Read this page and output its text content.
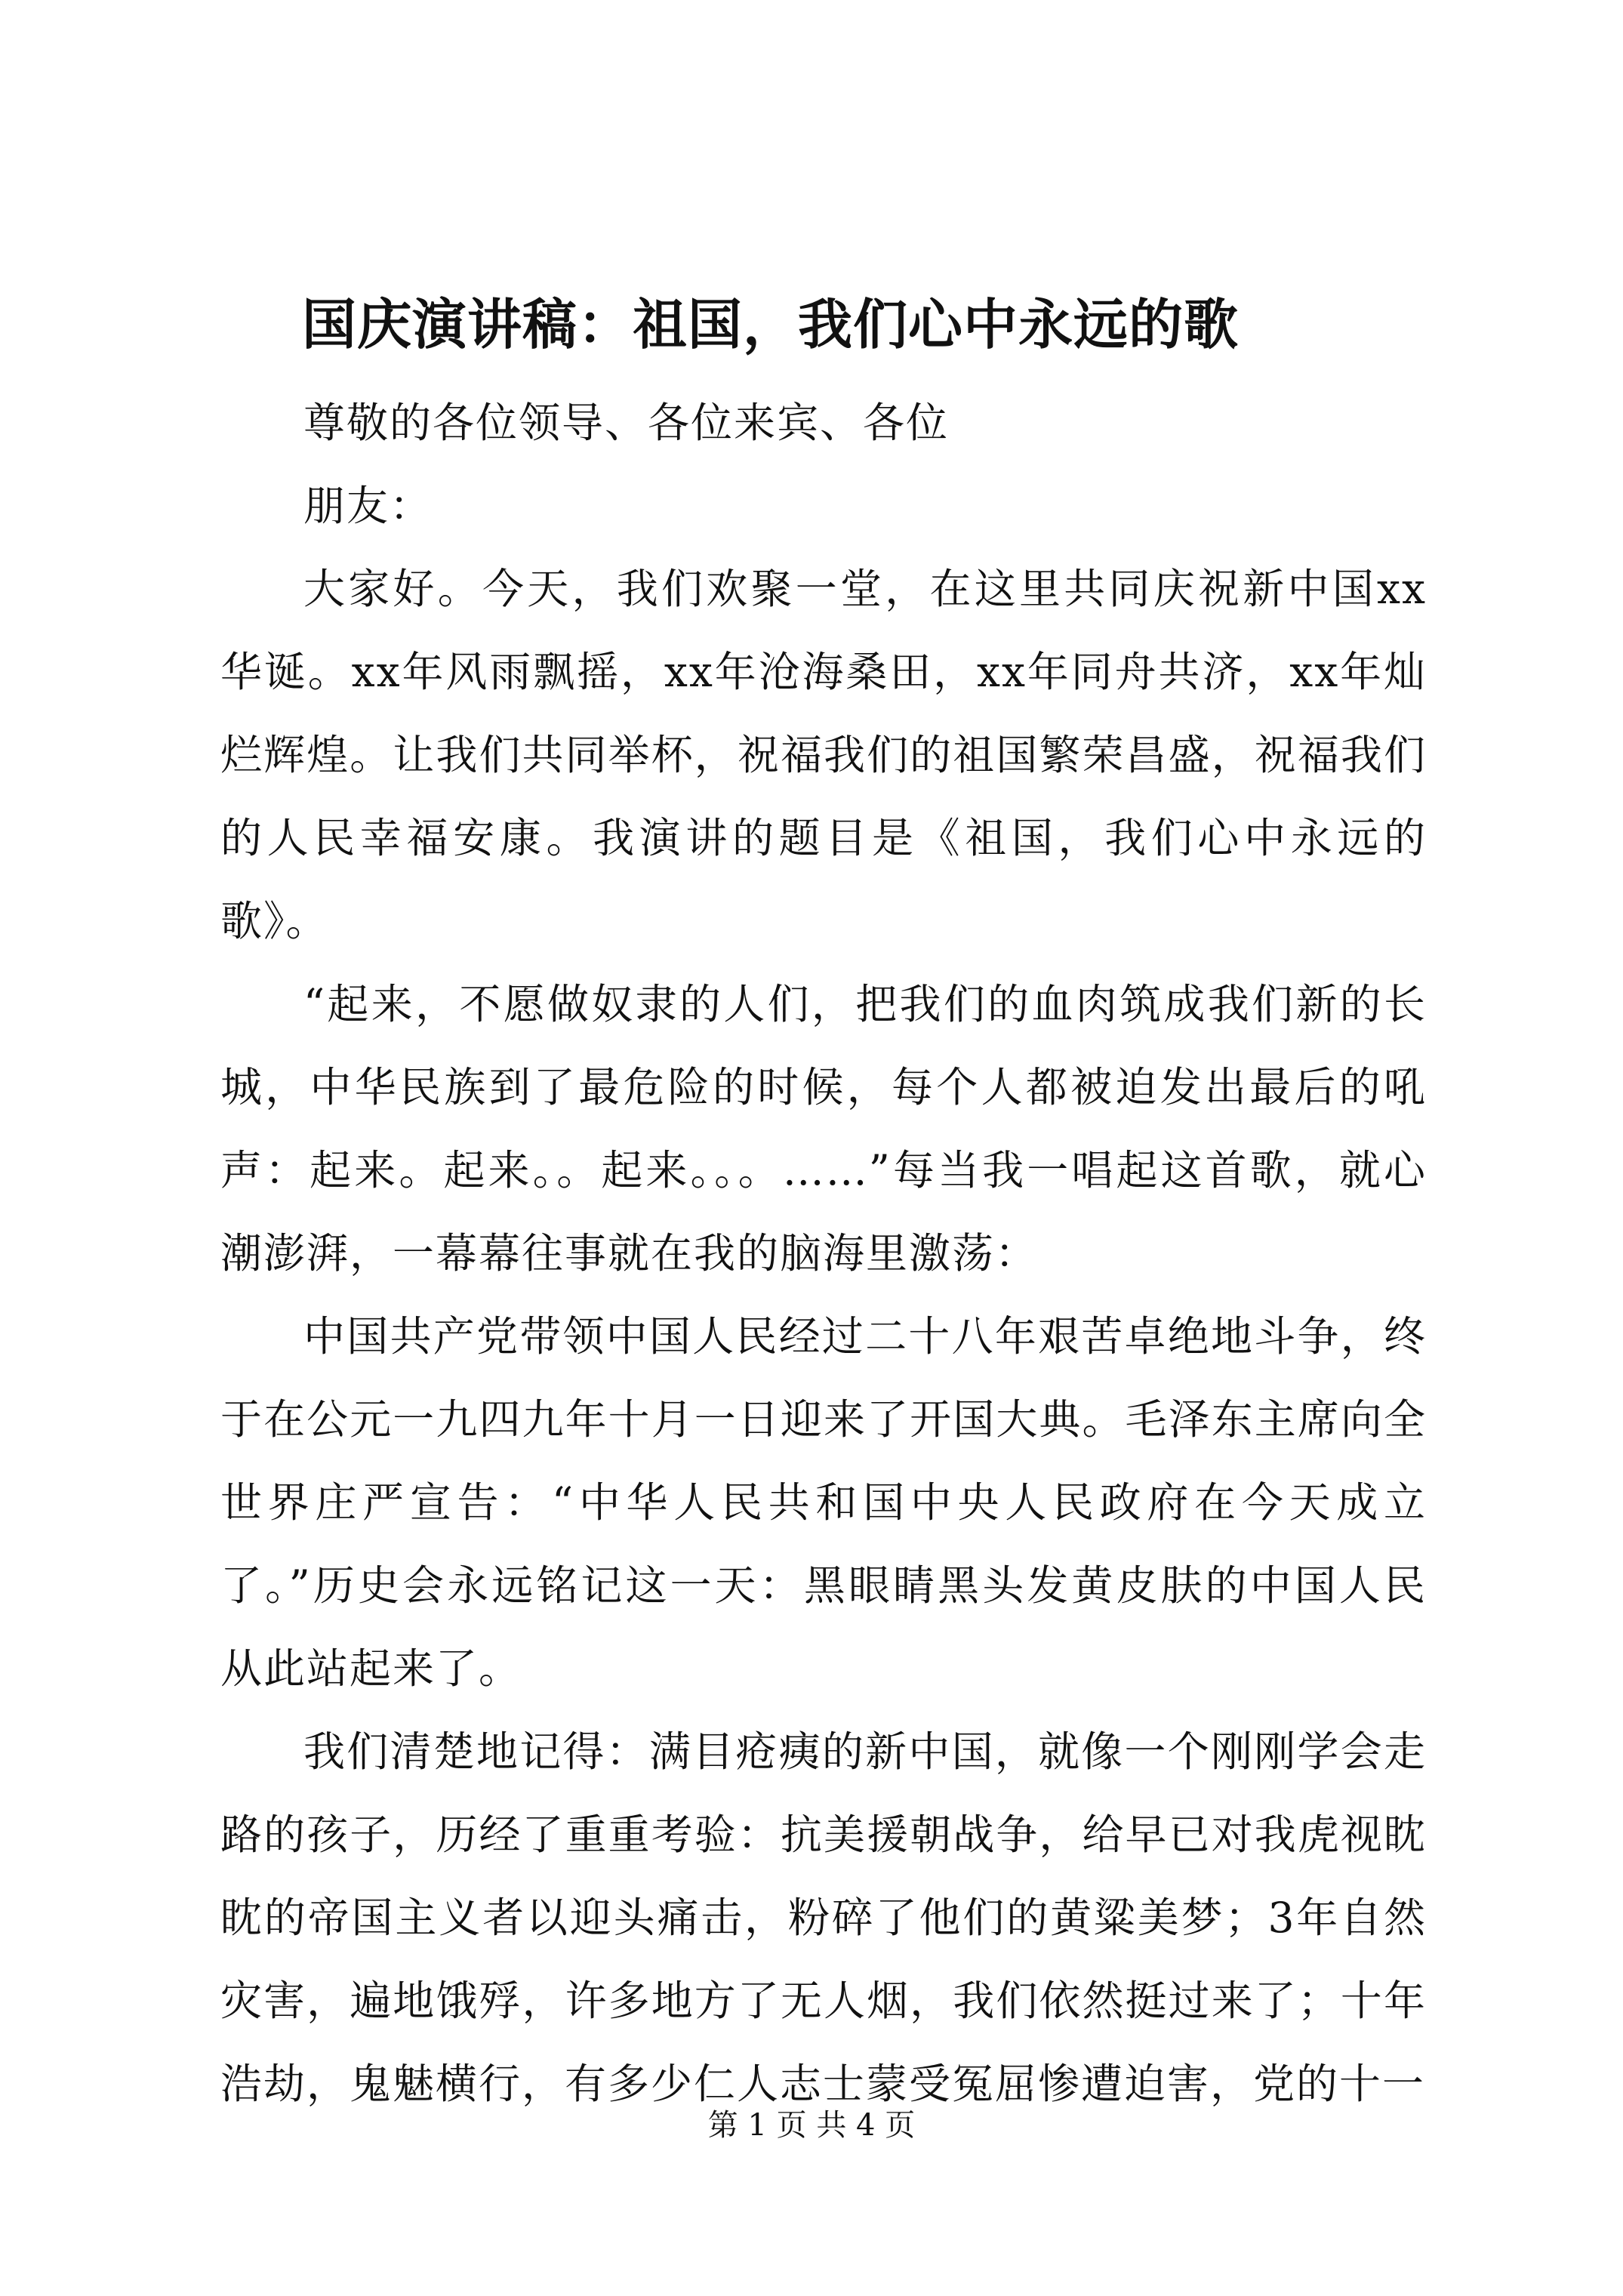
国庆演讲稿：祖国，我们心中永远的歌

尊敬的各位领导、各位来宾、各位

朋友：

大家好。今天，我们欢聚一堂，在这里共同庆祝新中国xx华诞。xx年风雨飘摇，xx年沧海桑田，xx年同舟共济，xx年灿烂辉煌。让我们共同举杯，祝福我们的祖国繁荣昌盛，祝福我们的人民幸福安康。我演讲的题目是《祖国，我们心中永远的歌》。

“起来，不愿做奴隶的人们，把我们的血肉筑成我们新的长城，中华民族到了最危险的时候，每个人都被迫发出最后的吼声：起来。起来。。起来。。。……”每当我一唱起这首歌，就心潮澎湃，一幕幕往事就在我的脑海里激荡：

中国共产党带领中国人民经过二十八年艰苦卓绝地斗争，终于在公元一九四九年十月一日迎来了开国大典。毛泽东主席向全世界庄严宣告：“中华人民共和国中央人民政府在今天成立了。”历史会永远铭记这一天：黑眼睛黑头发黄皮肤的中国人民从此站起来了。

我们清楚地记得：满目疮痍的新中国，就像一个刚刚学会走路的孩子，历经了重重考验：抗美援朝战争，给早已对我虎视眈眈的帝国主义者以迎头痛击，粉碎了他们的黄粱美梦；3年自然灾害，遍地饿殍，许多地方了无人烟，我们依然挺过来了；十年浩劫，鬼魅横行，有多少仁人志士蒙受冤屈惨遭迫害，党的十一

第 1 页 共 4 页
